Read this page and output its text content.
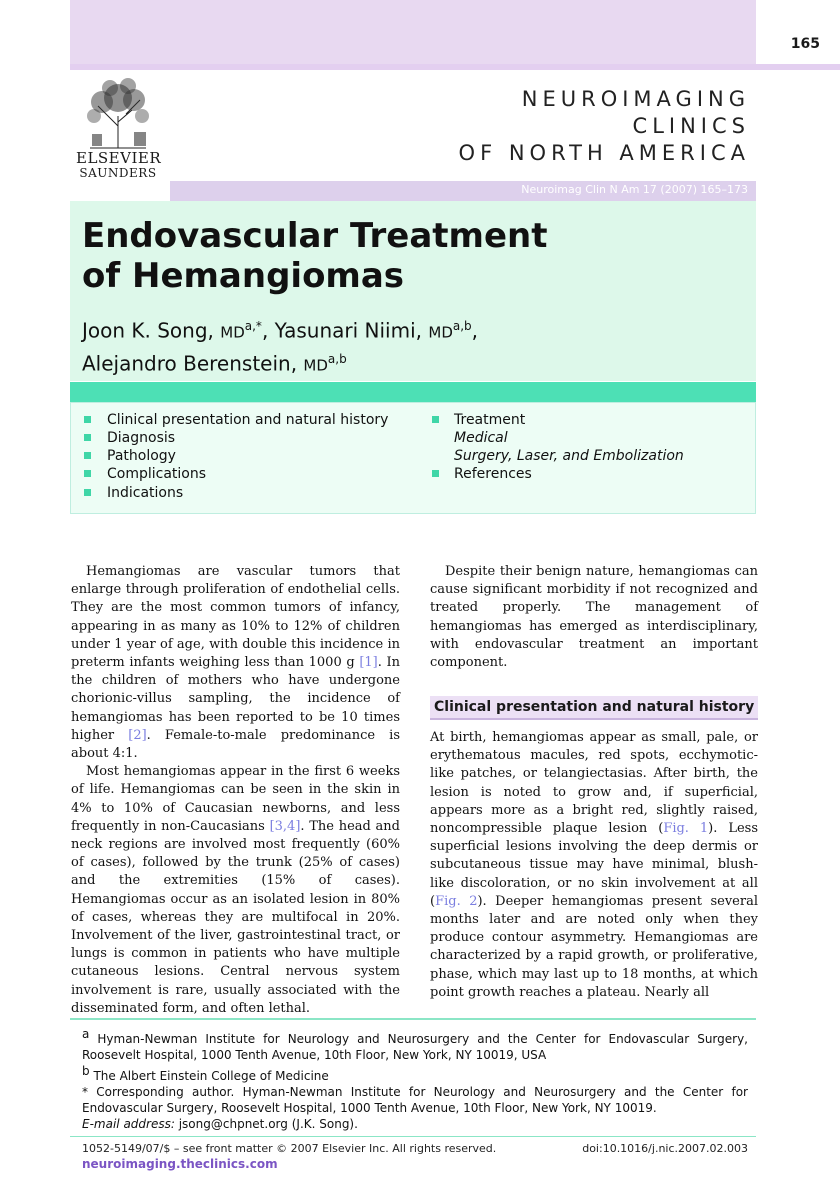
165
ELSEVIER
SAUNDERS
NEUROIMAGING
CLINICS
OF NORTH AMERICA
Neuroimag Clin N Am 17 (2007) 165–173
Endovascular Treatment
of Hemangiomas
Joon K. Song, $MD^{a,*}$, Yasunari Niimi, MD$^{a,b}$,
Alejandro Berenstein, MD$^{a,b}$
Clinical presentation and natural history
Diagnosis
Pathology
Complications
Indications
Treatment
Medical
Surgery, Laser, and Embolization
References

Hemangiomas are vascular tumors that enlarge through proliferation of endothelial cells. They are the most common tumors of infancy, appearing in as many as 10% to 12% of children under 1 year of age, with double this incidence in preterm infants weighing less than 1000 g [1]. In the children of mothers who have undergone chorionic-villus sampling, the incidence of hemangiomas has been reported to be 10 times higher [2]. Female-to-male predominance is about 4:1.

Most hemangiomas appear in the first 6 weeks of life. Hemangiomas can be seen in the skin in 4% to 10% of Caucasian newborns, and less frequently in non-Caucasians [3,4]. The head and neck regions are involved most frequently (60% of cases), followed by the trunk (25% of cases) and the extremities (15% of cases). Hemangiomas occur as an isolated lesion in 80% of cases, whereas they are multifocal in 20%. Involvement of the liver, gastrointestinal tract, or lungs is common in patients who have multiple cutaneous lesions. Central nervous system involvement is rare, usually associated with the disseminated form, and often lethal.

Despite their benign nature, hemangiomas can cause significant morbidity if not recognized and treated properly. The management of hemangiomas has emerged as interdisciplinary, with endovascular treatment an important component.

Clinical presentation and natural history

At birth, hemangiomas appear as small, pale, or erythematous macules, red spots, ecchymotic-like patches, or telangiectasias. After birth, the lesion is noted to grow and, if superficial, appears more as a bright red, slightly raised, noncompressible plaque lesion (Fig. 1). Less superficial lesions involving the deep dermis or subcutaneous tissue may have minimal, blush-like discoloration, or no skin involvement at all (Fig. 2). Deeper hemangiomas present several months later and are noted only when they produce contour asymmetry. Hemangiomas are characterized by a rapid growth, or proliferative, phase, which may last up to 18 months, at which point growth reaches a plateau. Nearly all

$^a$ Hyman-Newman Institute for Neurology and Neurosurgery and the Center for Endovascular Surgery, Roosevelt Hospital, 1000 Tenth Avenue, 10th Floor, New York, NY 10019, USA
$^b$ The Albert Einstein College of Medicine
* Corresponding author. Hyman-Newman Institute for Neurology and Neurosurgery and the Center for Endovascular Surgery, Roosevelt Hospital, 1000 Tenth Avenue, 10th Floor, New York, NY 10019.
E-mail address: jsong@chpnet.org (J.K. Song).
1052-5149/07/$ – see front matter © 2007 Elsevier Inc. All rights reserved.	doi:10.1016/j.nic.2007.02.003
neuroimaging.theclinics.com
